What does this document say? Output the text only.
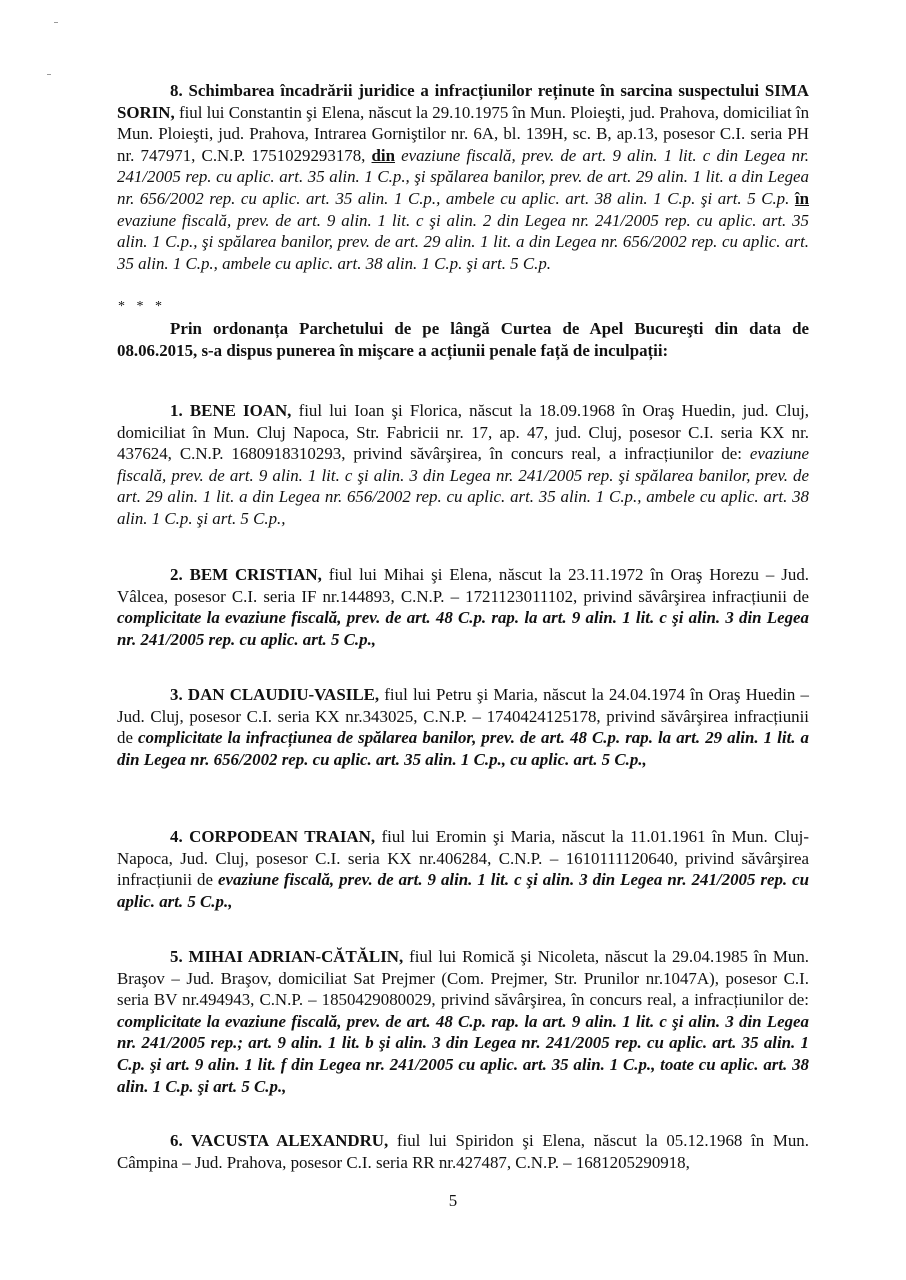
8. Schimbarea încadrării juridice a infracțiunilor reținute în sarcina suspectului SIMA SORIN, fiul lui Constantin şi Elena, născut la 29.10.1975 în Mun. Ploieşti, jud. Prahova, domiciliat în Mun. Ploieşti, jud. Prahova, Intrarea Gorniştilor nr. 6A, bl. 139H, sc. B, ap.13, posesor C.I. seria PH nr. 747971, C.N.P. 1751029293178, din evaziune fiscală, prev. de art. 9 alin. 1 lit. c din Legea nr. 241/2005 rep. cu aplic. art. 35 alin. 1 C.p., şi spălarea banilor, prev. de art. 29 alin. 1 lit. a din Legea nr. 656/2002 rep. cu aplic. art. 35 alin. 1 C.p., ambele cu aplic. art. 38 alin. 1 C.p. şi art. 5 C.p. în evaziune fiscală, prev. de art. 9 alin. 1 lit. c şi alin. 2 din Legea nr. 241/2005 rep. cu aplic. art. 35 alin. 1 C.p., şi spălarea banilor, prev. de art. 29 alin. 1 lit. a din Legea nr. 656/2002 rep. cu aplic. art. 35 alin. 1 C.p., ambele cu aplic. art. 38 alin. 1 C.p. şi art. 5 C.p.
* * *
Prin ordonanța Parchetului de pe lângă Curtea de Apel Bucureşti din data de 08.06.2015, s-a dispus punerea în mişcare a acțiunii penale față de inculpații:
1. BENE IOAN, fiul lui Ioan şi Florica, născut la 18.09.1968 în Oraş Huedin, jud. Cluj, domiciliat în Mun. Cluj Napoca, Str. Fabricii nr. 17, ap. 47, jud. Cluj, posesor C.I. seria KX nr. 437624, C.N.P. 1680918310293, privind săvârşirea, în concurs real, a infracțiunilor de: evaziune fiscală, prev. de art. 9 alin. 1 lit. c şi alin. 3 din Legea nr. 241/2005 rep. şi spălarea banilor, prev. de art. 29 alin. 1 lit. a din Legea nr. 656/2002 rep. cu aplic. art. 35 alin. 1 C.p., ambele cu aplic. art. 38 alin. 1 C.p. şi art. 5 C.p.,
2. BEM CRISTIAN, fiul lui Mihai şi Elena, născut la 23.11.1972 în Oraş Horezu – Jud. Vâlcea, posesor C.I. seria IF nr.144893, C.N.P. – 1721123011102, privind săvârşirea infracțiunii de complicitate la evaziune fiscală, prev. de art. 48 C.p. rap. la art. 9 alin. 1 lit. c şi alin. 3 din Legea nr. 241/2005 rep. cu aplic. art. 5 C.p.,
3. DAN CLAUDIU-VASILE, fiul lui Petru şi Maria, născut la 24.04.1974 în Oraş Huedin – Jud. Cluj, posesor C.I. seria KX nr.343025, C.N.P. – 1740424125178, privind săvârşirea infracțiunii de complicitate la infracțiunea de spălarea banilor, prev. de art. 48 C.p. rap. la art. 29 alin. 1 lit. a din Legea nr. 656/2002 rep. cu aplic. art. 35 alin. 1 C.p., cu aplic. art. 5 C.p.,
4. CORPODEAN TRAIAN, fiul lui Eromin şi Maria, născut la 11.01.1961 în Mun. Cluj-Napoca, Jud. Cluj, posesor C.I. seria KX nr.406284, C.N.P. – 1610111120640, privind săvârşirea infracțiunii de evaziune fiscală, prev. de art. 9 alin. 1 lit. c şi alin. 3 din Legea nr. 241/2005 rep. cu aplic. art. 5 C.p.,
5. MIHAI ADRIAN-CĂTĂLIN, fiul lui Romică şi Nicoleta, născut la 29.04.1985 în Mun. Braşov – Jud. Braşov, domiciliat Sat Prejmer (Com. Prejmer, Str. Prunilor nr.1047A), posesor C.I. seria BV nr.494943, C.N.P. – 1850429080029, privind săvârşirea, în concurs real, a infracțiunilor de: complicitate la evaziune fiscală, prev. de art. 48 C.p. rap. la art. 9 alin. 1 lit. c şi alin. 3 din Legea nr. 241/2005 rep.; art. 9 alin. 1 lit. b şi alin. 3 din Legea nr. 241/2005 rep. cu aplic. art. 35 alin. 1 C.p. şi art. 9 alin. 1 lit. f din Legea nr. 241/2005 cu aplic. art. 35 alin. 1 C.p., toate cu aplic. art. 38 alin. 1 C.p. şi art. 5 C.p.,
6. VACUSTA ALEXANDRU, fiul lui Spiridon şi Elena, născut la 05.12.1968 în Mun. Câmpina – Jud. Prahova, posesor C.I. seria RR nr.427487, C.N.P. – 1681205290918,
5
